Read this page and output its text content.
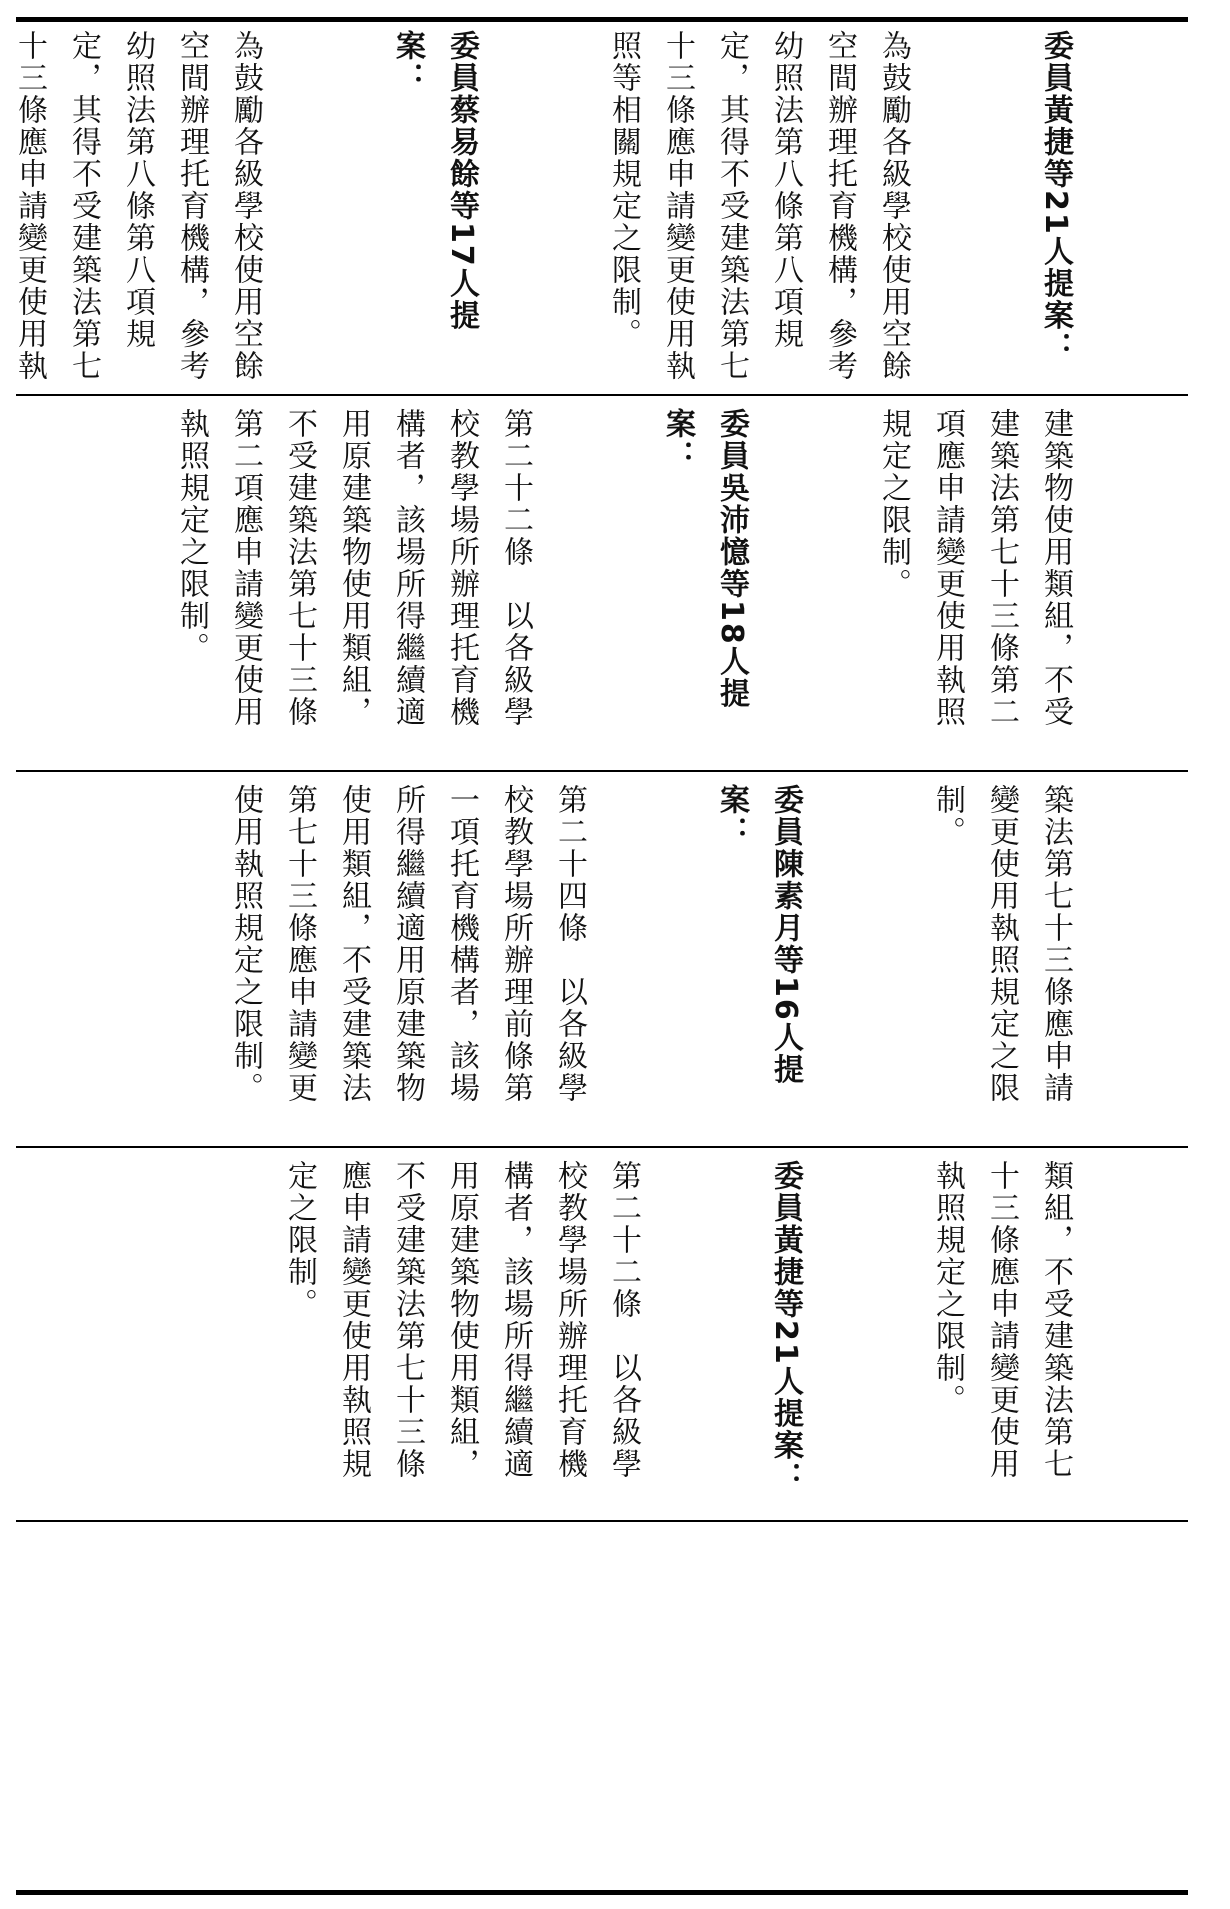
委員黃捷等21人提案：

為鼓勵各級學校使用空餘空間辦理托育機構，參考幼照法第八條第八項規定，其得不受建築法第七十三條應申請變更使用執照等相關規定之限制。

委員蔡易餘等17人提案：

為鼓勵各級學校使用空餘空間辦理托育機構，參考幼照法第八條第八項規定，其得不受建築法第七十三條應申請變更使用執

建築物使用類組，不受建築法第七十三條第二項應申請變更使用執照規定之限制。

委員吳沛憶等18人提案：

第二十二條　以各級學校教學場所辦理托育機構者，該場所得繼續適用原建築物使用類組，不受建築法第七十三條第二項應申請變更使用執照規定之限制。

築法第七十三條應申請變更使用執照規定之限制。

委員陳素月等16人提案：

第二十四條　以各級學校教學場所辦理前條第一項托育機構者，該場所得繼續適用原建築物使用類組，不受建築法第七十三條應申請變更使用執照規定之限制。

類組，不受建築法第七十三條應申請變更使用執照規定之限制。

委員黃捷等21人提案：

第二十二條　以各級學校教學場所辦理托育機構者，該場所得繼續適用原建築物使用類組，不受建築法第七十三條應申請變更使用執照規定之限制。
